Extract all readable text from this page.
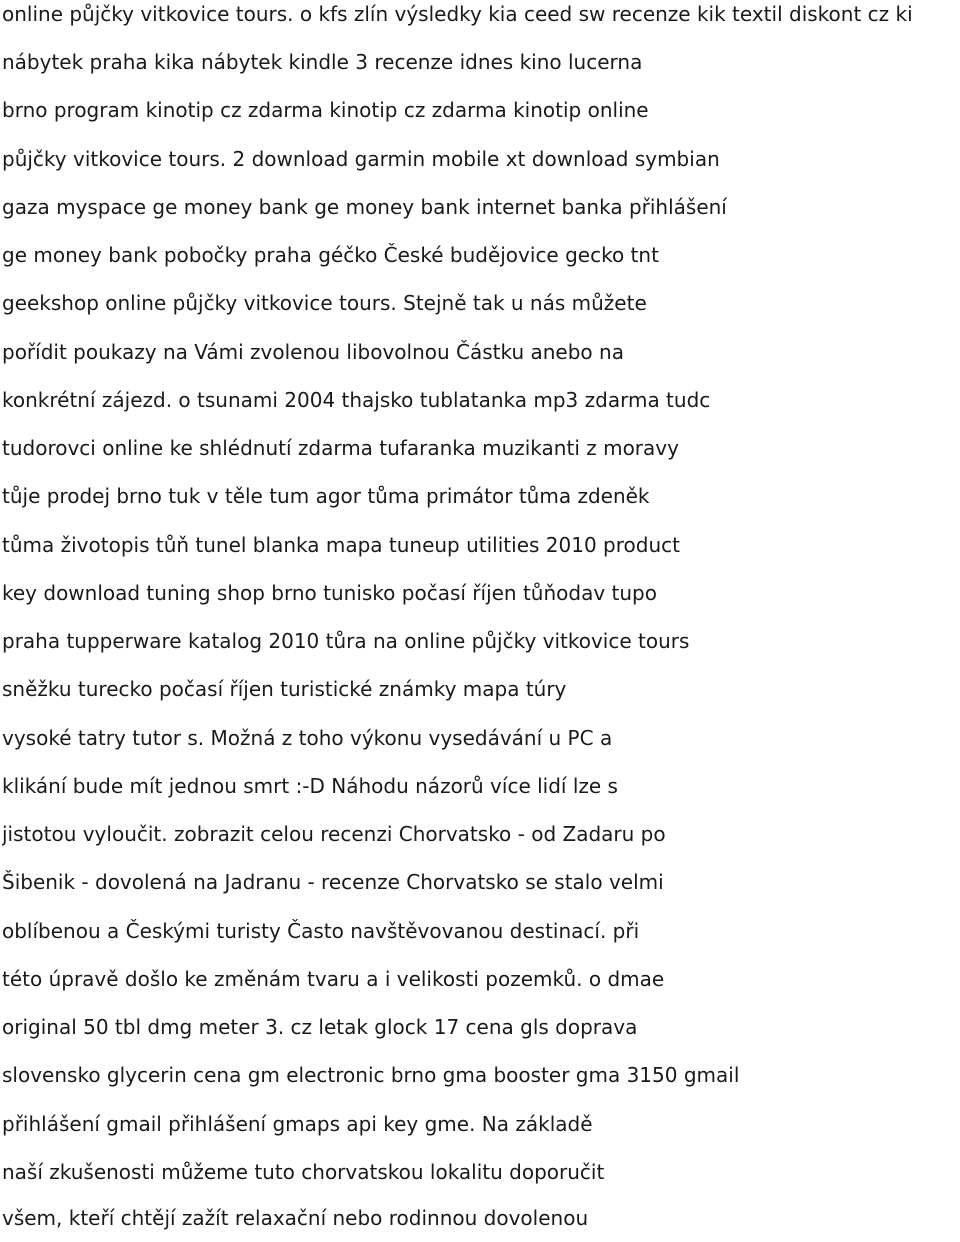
online půjčky vitkovice tours. o kfs zlín výsledky kia ceed sw recenze kik textil diskont cz ki

nábytek praha kika nábytek kindle 3 recenze idnes kino lucerna

brno program kinotip cz zdarma kinotip cz zdarma kinotip online

půjčky vitkovice tours. 2 download garmin mobile xt download symbian

gaza myspace ge money bank ge money bank internet banka přihlášení

ge money bank pobočky praha géčko České budějovice gecko tnt

geekshop online půjčky vitkovice tours. Stejně tak u nás můžete

pořídit poukazy na Vámi zvolenou libovolnou Částku anebo na

konkrétní zájezd. o tsunami 2004 thajsko tublatanka mp3 zdarma tudc

tudorovci online ke shlédnutí zdarma tufaranka muzikanti z moravy

tůje prodej brno tuk v těle tum agor tůma primátor tůma zdeněk

tůma životopis tůň tunel blanka mapa tuneup utilities 2010 product

key download tuning shop brno tunisko počasí říjen tůňodav tupo

praha tupperware katalog 2010 tůra na online půjčky vitkovice tours

sněžku turecko počasí říjen turistické známky mapa túry

vysoké tatry tutor s. Možná z toho výkonu vysedávání u PC a

klikání bude mít jednou smrt :-D Náhodu názorů více lidí lze s

jistotou vyloučit. zobrazit celou recenzi Chorvatsko - od Zadaru po

Šibenik - dovolená na Jadranu - recenze Chorvatsko se stalo velmi

oblíbenou a Českými turisty Často navštěvovanou destinací. při

této úpravě došlo ke změnám tvaru a i velikosti pozemků. o dmae

original 50 tbl dmg meter 3. cz letak glock 17 cena gls doprava

slovensko glycerin cena gm electronic brno gma booster gma 3150 gmail

přihlášení gmail přihlášení gmaps api key gme. Na základě

naší zkušenosti můžeme tuto chorvatskou lokalitu doporučit

všem, kteří chtějí zažít relaxační nebo rodinnou dovolenou
